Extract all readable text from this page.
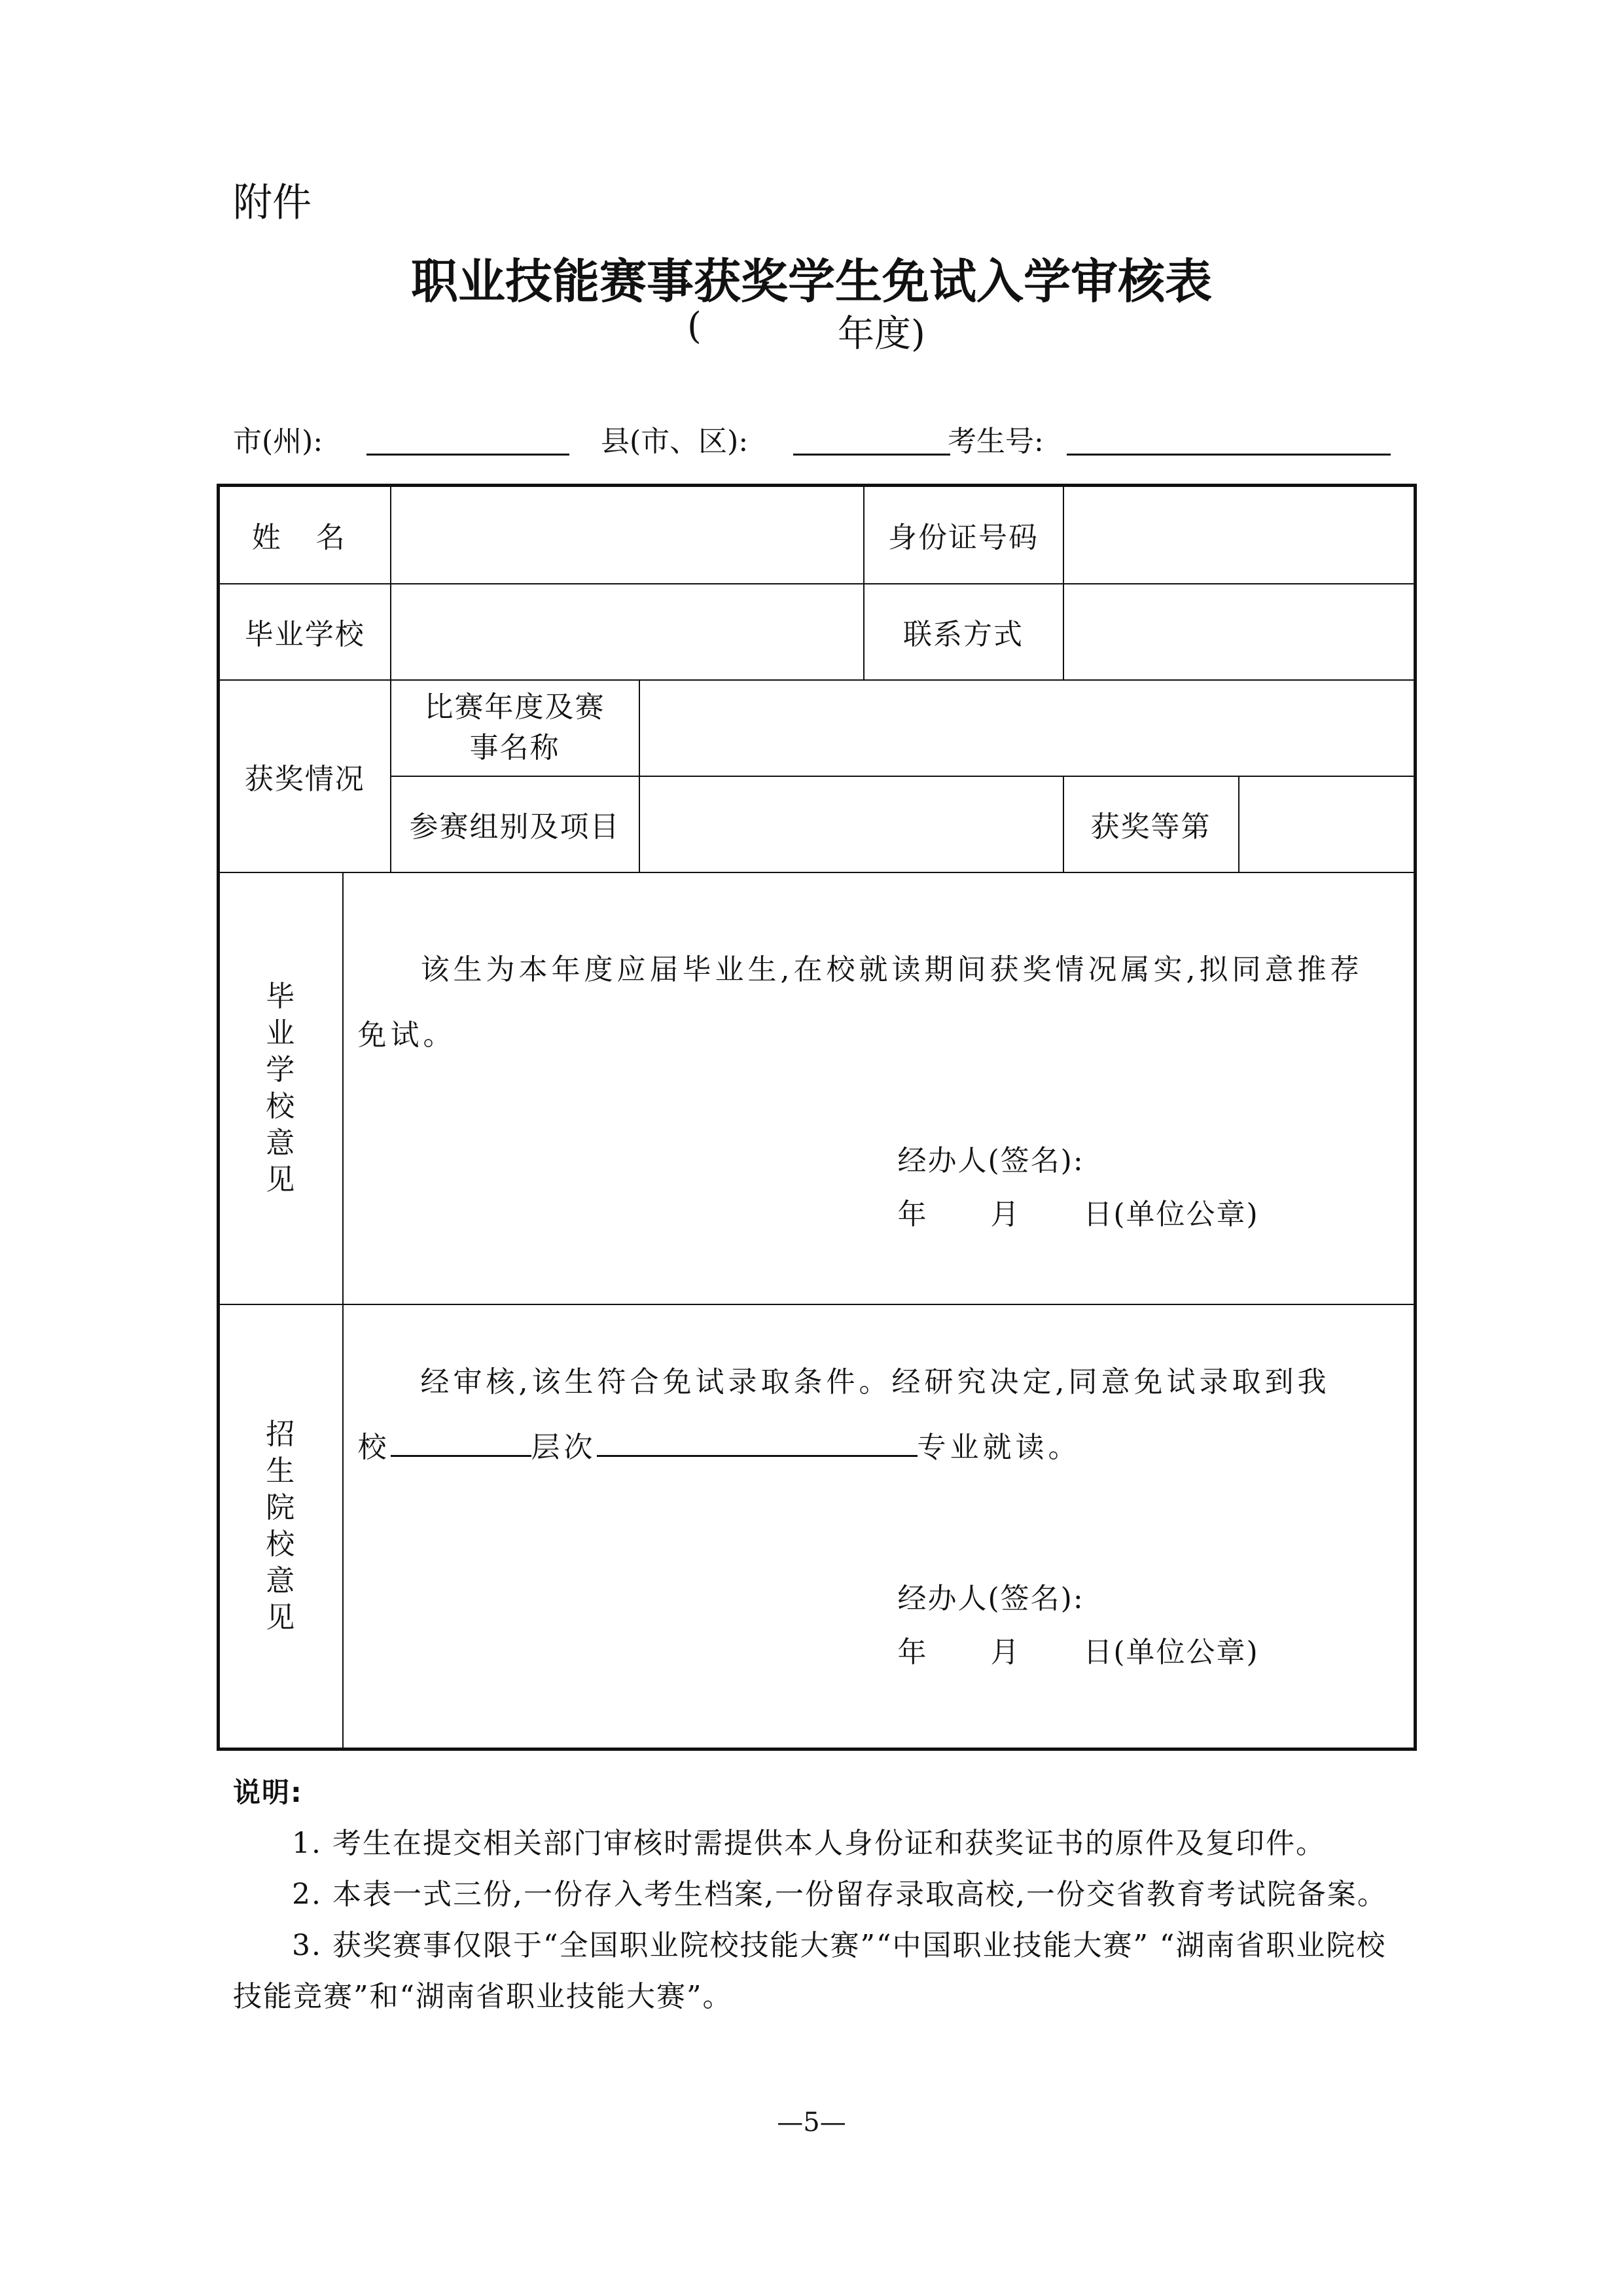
附件
职业技能赛事获奖学生免试入学审核表
(	年度)
市(州):	县(市、区):	考生号:
姓 名				身份证号码		
毕业学校				联系方式		
获奖情况		比赛年度及赛事名称				
		参赛组别及项目			获奖等第	
毕业学校意见	该生为本年度应届毕业生,在校就读期间获奖情况属实,拟同意推荐免试。
经办人(签名):
年      月      日(单位公章)					

招生院校意见	经审核,该生符合免试录取条件。经研究决定,同意免试录取到我
校 层次 专业就读。
经办人(签名):
年      月      日(单位公章)					
说明:
1. 考生在提交相关部门审核时需提供本人身份证和获奖证书的原件及复印件。
2. 本表一式三份,一份存入考生档案,一份留存录取高校,一份交省教育考试院备案。
3. 获奖赛事仅限于“全国职业院校技能大赛”“中国职业技能大赛” “湖南省职业院校技能竞赛”和“湖南省职业技能大赛”。
—5—
